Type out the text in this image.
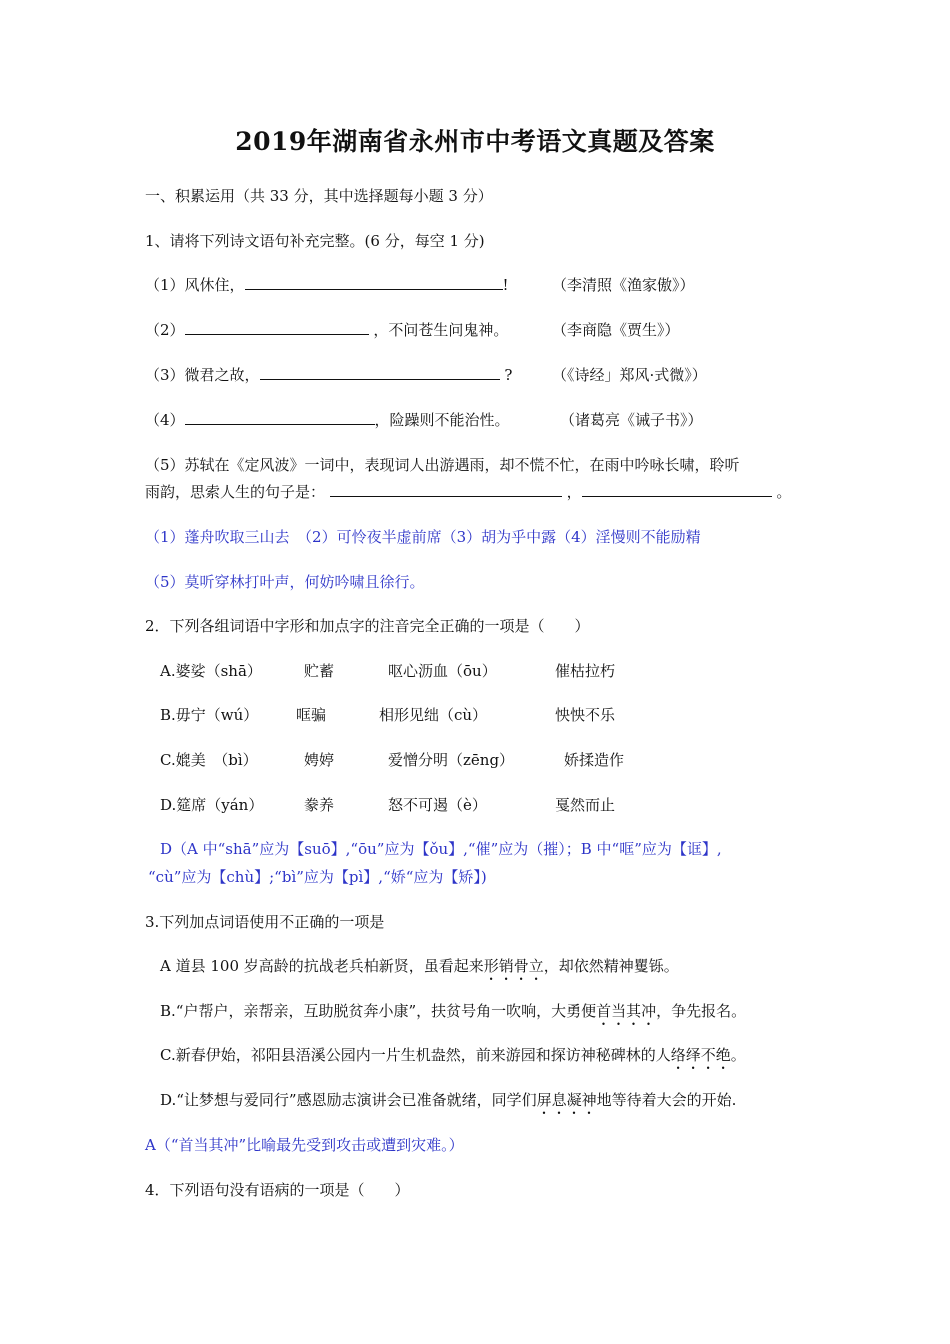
2019年湖南省永州市中考语文真题及答案
一、积累运用（共 33 分，其中选择题每小题 3 分）
1、请将下列诗文语句补充完整。(6 分，每空 1 分)
（1）风休住，	!	（李清照《渔家傲》）
（2）	，不问苍生问鬼神。	（李商隐《贾生》）
（3）微君之故，	?	（《诗经」郑风·式微》）
（4）	，险躁则不能治性。	（诸葛亮《诫子书》）
（5）苏轼在《定风波》一词中，表现词人出游遇雨，却不慌不忙，在雨中吟咏长啸，聆听
雨韵，思索人生的句子是：	，	。
（1）蓬舟吹取三山去　（2）可怜夜半虚前席（3）胡为乎中露（4）淫慢则不能励精
（5）莫听穿林打叶声，何妨吟啸且徐行。
2．下列各组词语中字形和加点字的注音完全正确的一项是（　　）
A.婆娑（shā）	贮蓄	呕心沥血（ōu）	催枯拉朽
B.毋宁（wú）	哐骗	相形见绌（cù）	怏怏不乐
C.媲美　（bì）	娉婷	爱憎分明（zēng）	娇揉造作
D.筵席（yán）	豢养	怒不可遏（è）	戛然而止
D（A 中“shā”应为【suō】,“ōu”应为【ǒu】,“催”应为（摧）；B 中“哐”应为【诓】,
“cù”应为【chù】;“bì”应为【pì】,“娇“应为【矫】)
3.下列加点词语使用不正确的一项是
A 道县 100 岁高龄的抗战老兵柏新贤，虽看起来形销骨立，却依然精神矍铄。
B.“户帮户，亲帮亲，互助脱贫奔小康”，扶贫号角一吹响，大勇便首当其冲，争先报名。
C.新春伊始，祁阳县浯溪公园内一片生机盎然，前来游园和探访神秘碑林的人络绎不绝。
D.“让梦想与爱同行”感恩励志演讲会已准备就绪，同学们屏息凝神地等待着大会的开始.
A（“首当其冲”比喻最先受到攻击或遭到灾难。）
4．下列语句没有语病的一项是（　　）
